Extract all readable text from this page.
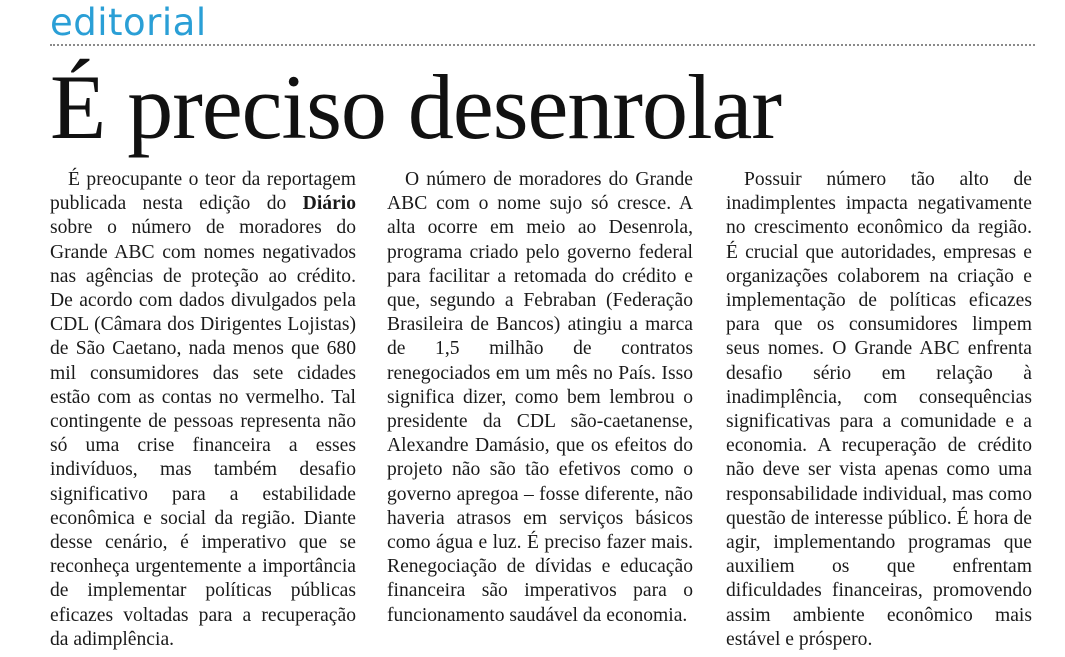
editorial
É preciso desenrolar

É preocupante o teor da reportagem publicada nesta edição do Diário sobre o número de moradores do Grande ABC com nomes negativados nas agências de proteção ao crédito. De acordo com dados divulgados pela CDL (Câmara dos Dirigentes Lojistas) de São Caetano, nada menos que 680 mil consumidores das sete cidades estão com as contas no vermelho. Tal contingente de pessoas representa não só uma crise financeira a esses indivíduos, mas também desafio significativo para a estabilidade econômica e social da região. Diante desse cenário, é imperativo que se reconheça urgentemente a importância de implementar políticas públicas eficazes voltadas para a recuperação da adimplência.

O número de moradores do Grande ABC com o nome sujo só cresce. A alta ocorre em meio ao Desenrola, programa criado pelo governo federal para facilitar a retomada do crédito e que, segundo a Febraban (Federação Brasileira de Bancos) atingiu a marca de 1,5 milhão de contratos renegociados em um mês no País. Isso significa dizer, como bem lembrou o presidente da CDL são-caetanense, Alexandre Damásio, que os efeitos do projeto não são tão efetivos como o governo apregoa – fosse diferente, não haveria atrasos em serviços básicos como água e luz. É preciso fazer mais. Renegociação de dívidas e educação financeira são imperativos para o funcionamento saudável da economia.

Possuir número tão alto de inadimplentes impacta negativamente no crescimento econômico da região. É crucial que autoridades, empresas e organizações colaborem na criação e implementação de políticas eficazes para que os consumidores limpem seus nomes. O Grande ABC enfrenta desafio sério em relação à inadimplência, com consequências significativas para a comunidade e a economia. A recuperação de crédito não deve ser vista apenas como uma responsabilidade individual, mas como questão de interesse público. É hora de agir, implementando programas que auxiliem os que enfrentam dificuldades financeiras, promovendo assim ambiente econômico mais estável e próspero.
